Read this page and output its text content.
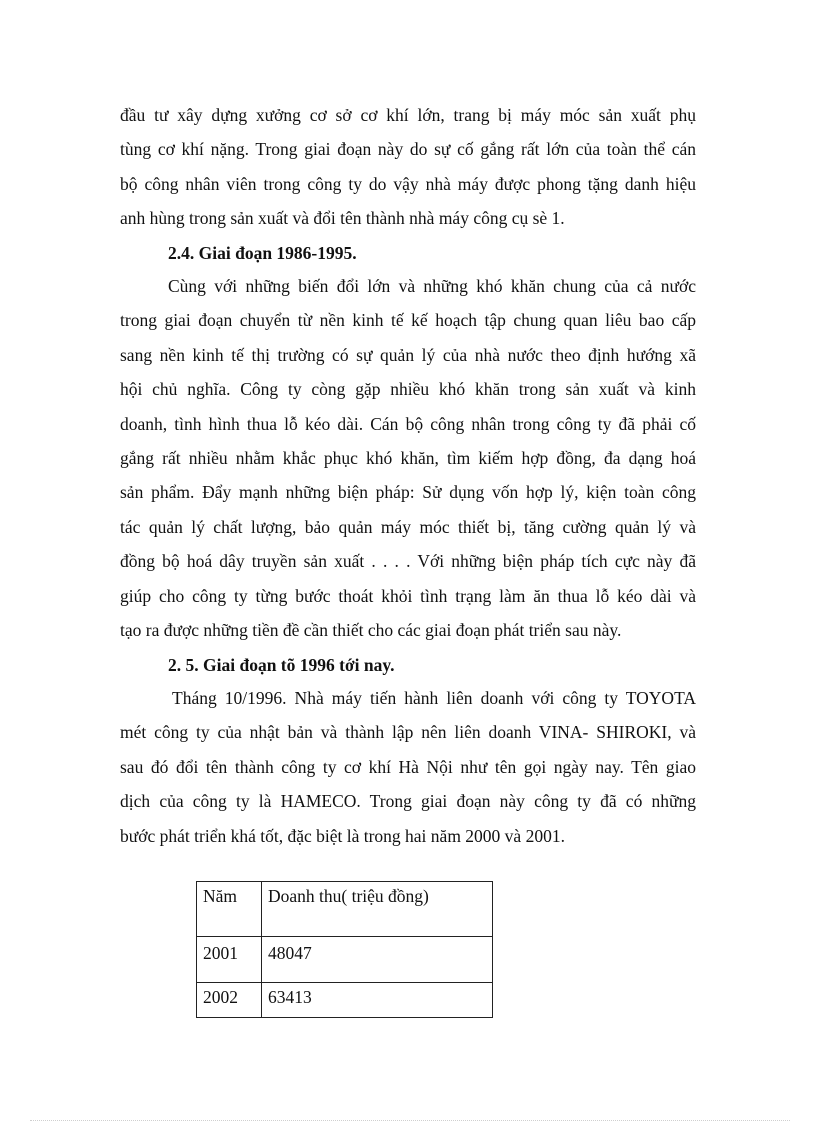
đầu tư xây dựng xưởng cơ sở cơ khí lớn, trang bị máy móc sản xuất phụ
tùng cơ khí nặng. Trong giai đoạn này do sự cố gắng rất lớn của toàn thể cán
bộ công nhân viên trong công ty do vậy nhà máy được phong tặng danh hiệu
anh hùng trong sản xuất và đổi tên thành nhà máy công cụ sè 1.
2.4. Giai đoạn 1986-1995.
Cùng với những biến đổi lớn và những khó khăn chung của cả nước
trong giai đoạn chuyển từ nền kinh tế kế hoạch tập chung quan liêu bao cấp
sang nền kinh tế thị trường có sự quản lý của nhà nước theo định hướng xã
hội chủ nghĩa. Công ty còng gặp nhiều khó khăn trong sản xuất và kinh
doanh, tình hình thua lỗ kéo dài. Cán bộ công nhân trong công ty đã phải cố
gắng rất nhiều nhằm khắc phục khó khăn, tìm kiếm hợp đồng, đa dạng hoá
sản phẩm. Đẩy mạnh những biện pháp: Sử dụng vốn hợp lý, kiện toàn công
tác quản lý chất lượng, bảo quản máy móc thiết bị, tăng cường quản lý và
đồng bộ hoá dây truyền sản xuất . . . . Với những biện pháp tích cực này đã
giúp cho công ty từng bước thoát khỏi tình trạng làm ăn thua lỗ kéo dài và
tạo ra được những tiền đề cần thiết cho các giai đoạn phát triển sau này.
2. 5. Giai đoạn tõ 1996 tới nay.
Tháng 10/1996. Nhà máy tiến hành liên doanh với công ty TOYOTA
mét công ty của nhật bản và thành lập nên liên doanh VINA- SHIROKI, và
sau đó đổi tên thành công ty cơ khí Hà Nội như tên gọi ngày nay. Tên giao
dịch của công ty là HAMECO. Trong giai đoạn này công ty đã có những
bước phát triển khá tốt, đặc biệt là trong hai năm 2000 và 2001.
Năm	Doanh thu( triệu đồng)
2001	48047
2002	63413
